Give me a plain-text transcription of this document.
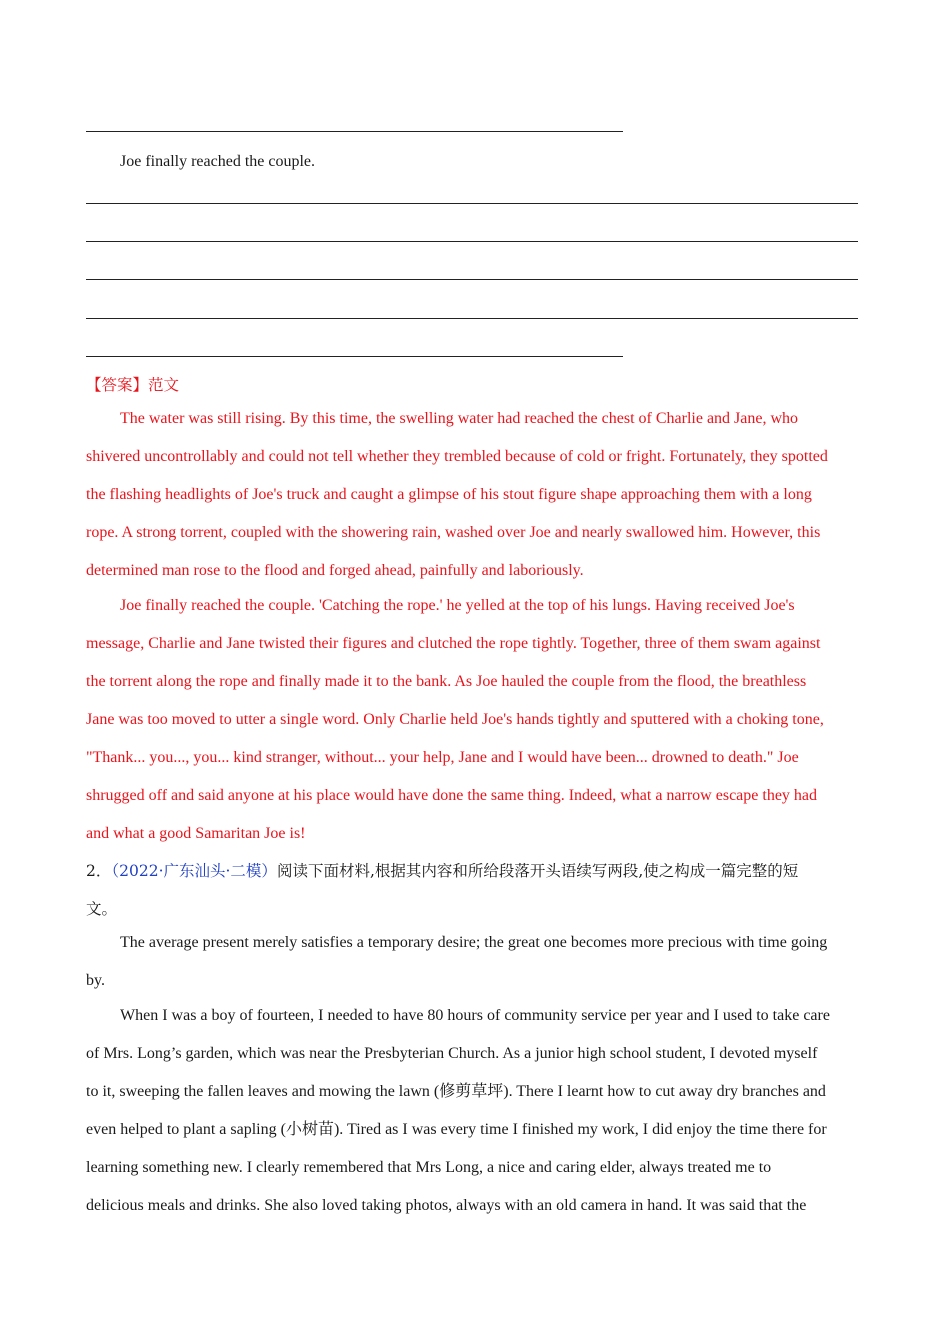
Joe finally reached the couple.
【答案】范文
The water was still rising. By this time, the swelling water had reached the chest of Charlie and Jane, who
shivered uncontrollably and could not tell whether they trembled because of cold or fright. Fortunately, they spotted
the flashing headlights of Joe's truck and caught a glimpse of his stout figure shape approaching them with a long
rope. A strong torrent, coupled with the showering rain, washed over Joe and nearly swallowed him. However, this
determined man rose to the flood and forged ahead, painfully and laboriously.
Joe finally reached the couple. 'Catching the rope.' he yelled at the top of his lungs. Having received Joe's
message, Charlie and Jane twisted their figures and clutched the rope tightly. Together, three of them swam against
the torrent along the rope and finally made it to the bank. As Joe hauled the couple from the flood, the breathless
Jane was too moved to utter a single word. Only Charlie held Joe's hands tightly and sputtered with a choking tone,
"Thank... you..., you... kind stranger, without... your help, Jane and I would have been... drowned to death." Joe
shrugged off and said anyone at his place would have done the same thing. Indeed, what a narrow escape they had
and what a good Samaritan Joe is!
2．（2022·广东汕头·二模）阅读下面材料,根据其内容和所给段落开头语续写两段,使之构成一篇完整的短
文。
The average present merely satisfies a temporary desire; the great one becomes more precious with time going
by.
When I was a boy of fourteen, I needed to have 80 hours of community service per year and I used to take care
of Mrs. Long’s garden, which was near the Presbyterian Church. As a junior high school student, I devoted myself
to it, sweeping the fallen leaves and mowing the lawn (修剪草坪). There I learnt how to cut away dry branches and
even helped to plant a sapling (小树苗). Tired as I was every time I finished my work, I did enjoy the time there for
learning something new. I clearly remembered that Mrs Long, a nice and caring elder, always treated me to
delicious meals and drinks. She also loved taking photos, always with an old camera in hand. It was said that the
